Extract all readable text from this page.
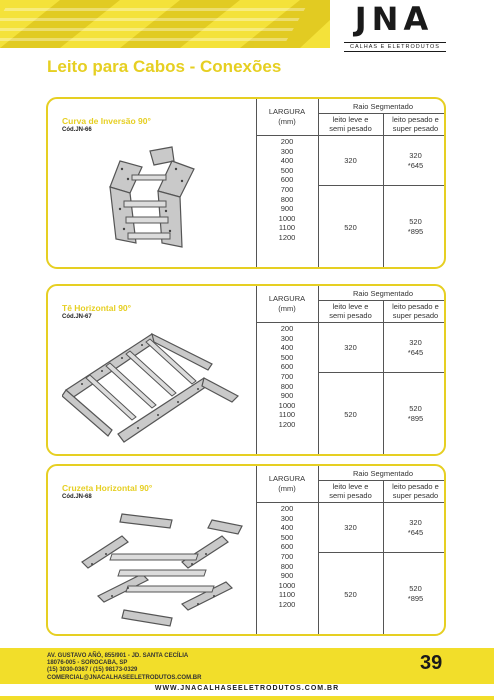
JNA
CALHAS E ELETRODUTOS
Leito para Cabos - Conexões
Curva de Inversão 90°
Cód.JN-66
LARGURA
(mm)
Raio Segmentado
leito leve e
semi pesado
leito pesado e
super pesado
200
300
400
500
600
700
800
900
1000
1100
1200
320
320
*645
520
520
*895
Tê Horizontal 90°
Cód.JN-67
LARGURA
(mm)
Raio Segmentado
leito leve e
semi pesado
leito pesado e
super pesado
200
300
400
500
600
700
800
900
1000
1100
1200
320
320
*645
520
520
*895
Cruzeta Horizontal 90°
Cód.JN-68
LARGURA
(mm)
Raio Segmentado
leito leve e
semi pesado
leito pesado e
super pesado
200
300
400
500
600
700
800
900
1000
1100
1200
320
320
*645
520
520
*895
AV. GUSTAVO AÑÓ, 855/901 - JD. SANTA CECÍLIA
18076-005 - SOROCABA, SP
(15) 3030-0367 / (15) 98173-0329
COMERCIAL@JNACALHASEELETRODUTOS.COM.BR
39
WWW.JNACALHASEELETRODUTOS.COM.BR
